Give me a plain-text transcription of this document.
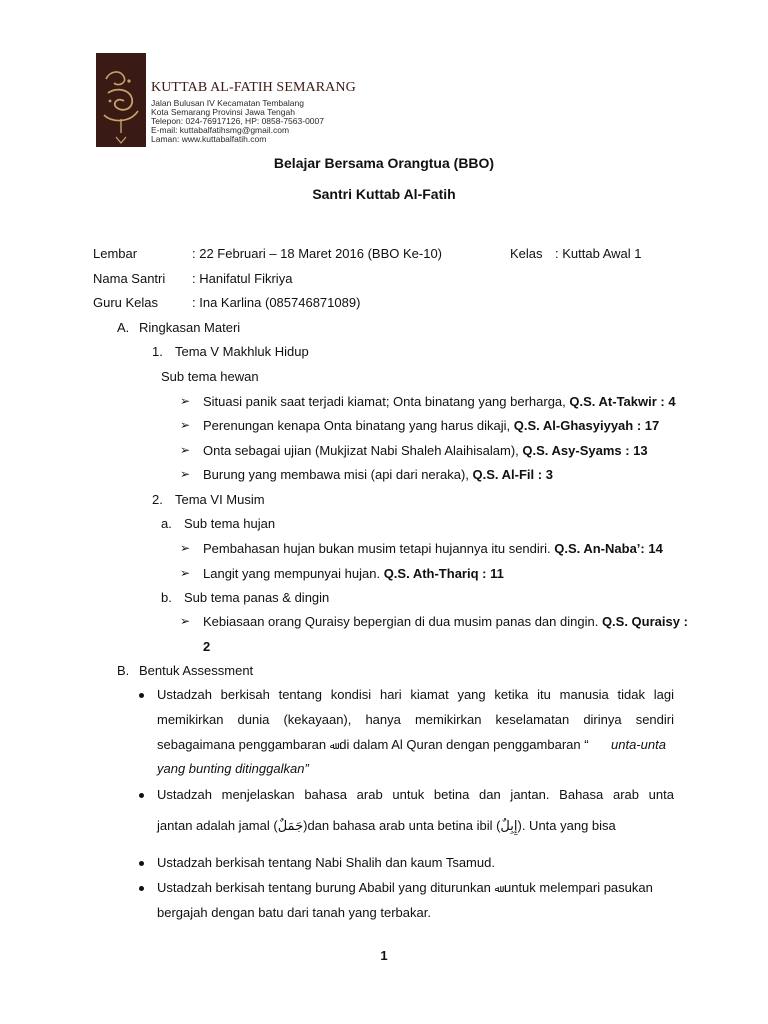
KUTTAB AL-FATIH SEMARANG
Jalan Bulusan IV Kecamatan Tembalang
Kota Semarang Provinsi Jawa Tengah
Telepon: 024-76917126, HP: 0858-7563-0007
E-mail: kuttabalfatihsmg@gmail.com
Laman: www.kuttabalfatih.com
Belajar Bersama Orangtua (BBO)
Santri Kuttab Al-Fatih
Lembar	: 22 Februari – 18 Maret 2016 (BBO Ke-10)	Kelas : Kuttab Awal 1
Nama Santri : Hanifatul Fikriya
Guru Kelas	: Ina Karlina (085746871089)
A. Ringkasan Materi
1. Tema V Makhluk Hidup
Sub tema hewan
➢ Situasi panik saat terjadi kiamat; Onta binatang yang berharga, Q.S. At-Takwir : 4
➢ Perenungan kenapa Onta binatang yang harus dikaji, Q.S. Al-Ghasyiyyah : 17
➢ Onta sebagai ujian (Mukjizat Nabi Shaleh Alaihisalam), Q.S. Asy-Syams : 13
➢ Burung yang membawa misi (api dari neraka), Q.S. Al-Fil : 3
2. Tema VI Musim
a. Sub tema hujan
➢ Pembahasan hujan bukan musim tetapi hujannya itu sendiri. Q.S. An-Naba’: 14
➢ Langit yang mempunyai hujan. Q.S. Ath-Thariq : 11
b. Sub tema panas & dingin
➢ Kebiasaan orang Quraisy bepergian di dua musim panas dan dingin. Q.S. Quraisy :
2
B. Bentuk Assessment
Ustadzah berkisah tentang kondisi hari kiamat yang ketika itu manusia tidak lagi
memikirkan dunia (kekayaan), hanya memikirkan keselamatan dirinya sendiri
sebagaimana penggambaran ﷲ di dalam Al Quran dengan penggambaran “ unta-unta
yang bunting ditinggalkan”
Ustadzah menjelaskan bahasa arab untuk betina dan jantan. Bahasa arab unta
jantan adalah jamal (جَمَلٌ)dan bahasa arab unta betina ibil (إِبِلٌ). Unta yang bisa
Ustadzah berkisah tentang Nabi Shalih dan kaum Tsamud.
Ustadzah berkisah tentang burung Ababil yang diturunkan ﷲ untuk melempari pasukan
bergajah dengan batu dari tanah yang terbakar.
1
